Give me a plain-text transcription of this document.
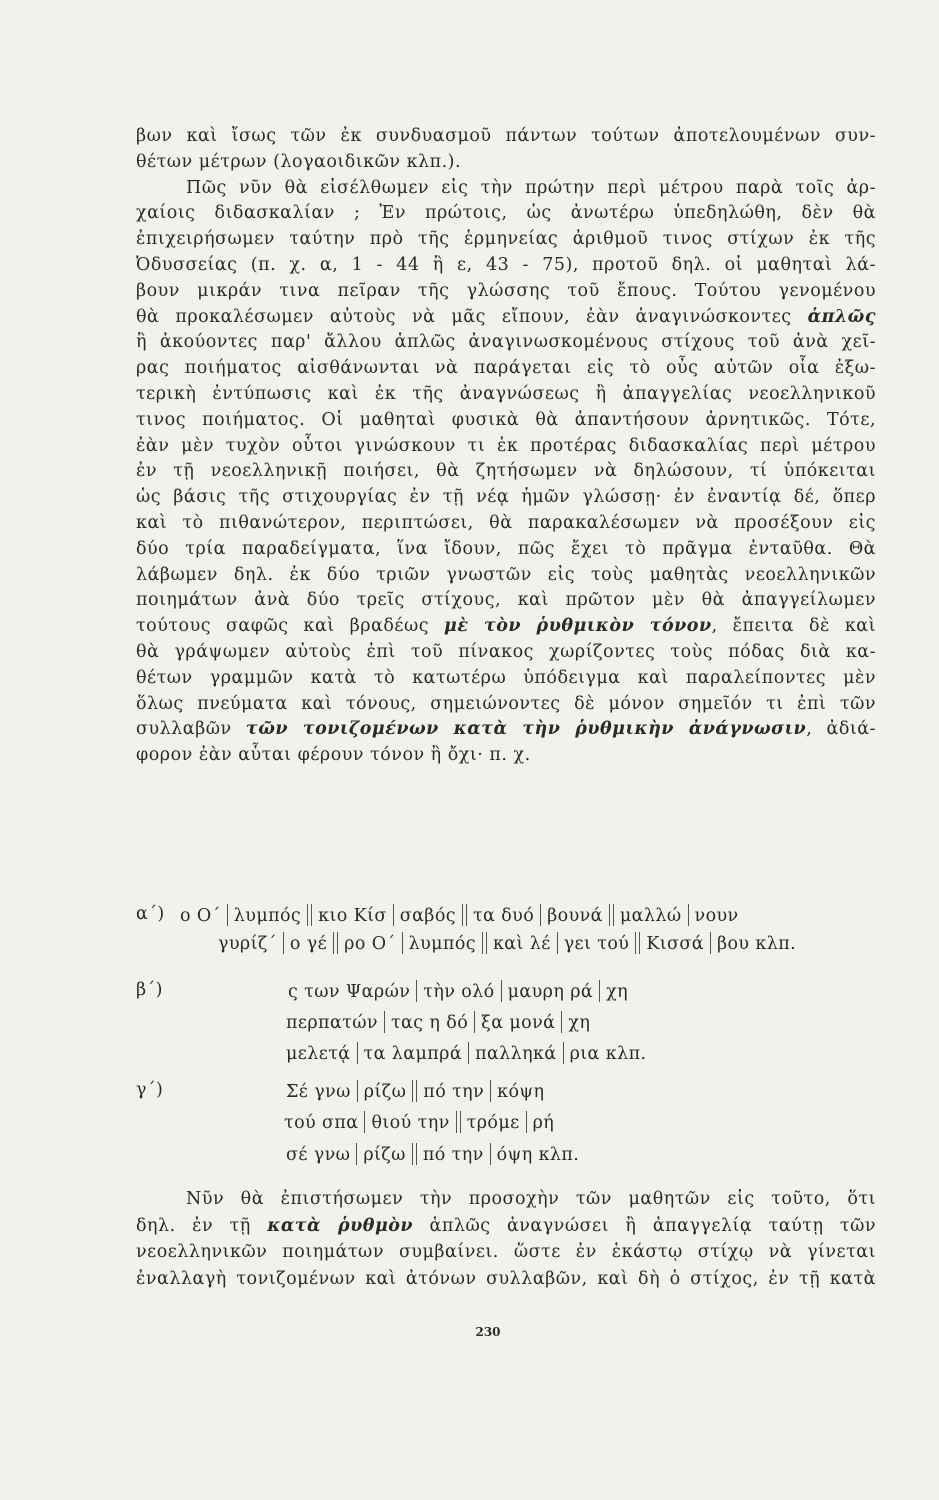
βων καὶ ἴσως τῶν ἐκ συνδυασμοῦ πάντων τούτων ἀποτελουμένων συν-
θέτων μέτρων (λογαοιδικῶν κλπ.).
Πῶς νῦν θὰ εἰσέλθωμεν εἰς τὴν πρώτην περὶ μέτρου παρὰ τοῖς ἀρ-
χαίοις διδασκαλίαν ; Ἐν πρώτοις, ὡς ἀνωτέρω ὑπεδηλώθη, δὲν θὰ
ἐπιχειρήσωμεν ταύτην πρὸ τῆς ἑρμηνείας ἀριθμοῦ τινος στίχων ἐκ τῆς
Ὀδυσσείας (π. χ. α, 1 - 44 ἢ ε, 43 - 75), προτοῦ δηλ. οἱ μαθηταὶ λά-
βουν μικράν τινα πεῖραν τῆς γλώσσης τοῦ ἔπους. Τούτου γενομένου
θὰ προκαλέσωμεν αὐτοὺς νὰ μᾶς εἴπουν, ἐὰν ἀναγινώσκοντες ἁπλῶς
ἢ ἀκούοντες παρ' ἄλλου ἁπλῶς ἀναγινωσκομένους στίχους τοῦ ἀνὰ χεῖ-
ρας ποιήματος αἰσθάνωνται νὰ παράγεται εἰς τὸ οὖς αὐτῶν οἷα ἐξω-
τερικὴ ἐντύπωσις καὶ ἐκ τῆς ἀναγνώσεως ἢ ἀπαγγελίας νεοελληνικοῦ
τινος ποιήματος. Οἱ μαθηταὶ φυσικὰ θὰ ἀπαντήσουν ἀρνητικῶς. Τότε,
ἐὰν μὲν τυχὸν οὗτοι γινώσκουν τι ἐκ προτέρας διδασκαλίας περὶ μέτρου
ἐν τῇ νεοελληνικῇ ποιήσει, θὰ ζητήσωμεν νὰ δηλώσουν, τί ὑπόκειται
ὡς βάσις τῆς στιχουργίας ἐν τῇ νέᾳ ἡμῶν γλώσσῃ· ἐν ἐναντίᾳ δέ, ὅπερ
καὶ τὸ πιθανώτερον, περιπτώσει, θὰ παρακαλέσωμεν νὰ προσέξουν εἰς
δύο τρία παραδείγματα, ἵνα ἴδουν, πῶς ἔχει τὸ πρᾶγμα ἐνταῦθα. Θὰ
λάβωμεν δηλ. ἐκ δύο τριῶν γνωστῶν εἰς τοὺς μαθητὰς νεοελληνικῶν
ποιημάτων ἀνὰ δύο τρεῖς στίχους, καὶ πρῶτον μὲν θὰ ἀπαγγείλωμεν
τούτους σαφῶς καὶ βραδέως μὲ τὸν ῥυθμικὸν τόνον, ἔπειτα δὲ καὶ
θὰ γράψωμεν αὐτοὺς ἐπὶ τοῦ πίνακος χωρίζοντες τοὺς πόδας διὰ κα-
θέτων γραμμῶν κατὰ τὸ κατωτέρω ὑπόδειγμα καὶ παραλείποντες μὲν
ὅλως πνεύματα καὶ τόνους, σημειώνοντες δὲ μόνον σημεῖόν τι ἐπὶ τῶν
συλλαβῶν τῶν τονιζομένων κατὰ τὴν ῥυθμικὴν ἀνάγνωσιν, ἀδιά-
φορον ἐὰν αὗται φέρουν τόνον ἢ ὄχι· π. χ.
α΄) ο Ο΄ λυμπός κιο Κίσ σαβός τα δυό βουνά μαλλώ νουν
γυρίζ΄ ο γέ ρο Ο΄ λυμπός καὶ λέ γει τού Κισσά βου κλπ.
β΄)	ς των Ψαρών τὴν ολό μαυρη ρά χη
περπατών τας η δό ξα μονά χη
μελετᾴ τα λαμπρά παλληκά ρια κλπ.
γ΄)	Σέ γνω ρίζω πό την κόψη
τού σπα θιού την τρόμε ρή
σέ γνω ρίζω πό την όψη κλπ.
Νῦν θὰ ἐπιστήσωμεν τὴν προσοχὴν τῶν μαθητῶν εἰς τοῦτο, ὅτι
δηλ. ἐν τῇ κατὰ ῥυθμὸν ἁπλῶς ἀναγνώσει ἢ ἀπαγγελίᾳ ταύτῃ τῶν
νεοελληνικῶν ποιημάτων συμβαίνει. ὥστε ἐν ἑκάστῳ στίχῳ νὰ γίνεται
ἐναλλαγὴ τονιζομένων καὶ ἀτόνων συλλαβῶν, καὶ δὴ ὁ στίχος, ἐν τῇ κατὰ
230
